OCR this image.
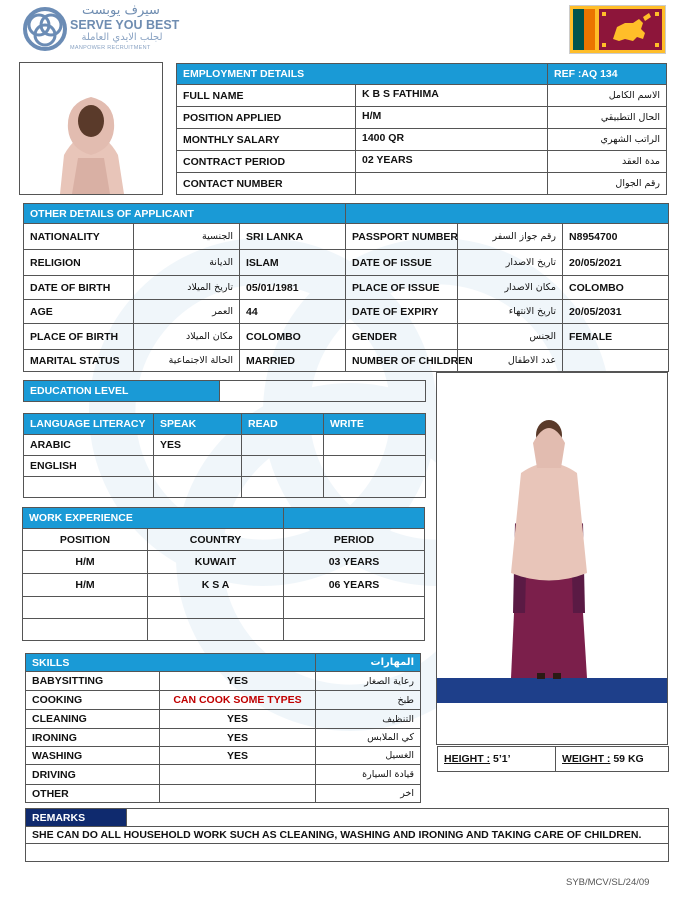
سيرف يوبست
SERVE YOU BEST
لجلب الايدي العاملة
MANPOWER RECRUITMENT
EMPLOYMENT DETAILS		REF :AQ 134
FULL NAME	K B S FATHIMA	الاسم الكامل
POSITION APPLIED	H/M	الحال التطبيقي
MONTHLY SALARY	1400 QR	الراتب الشهري
CONTRACT PERIOD	02 YEARS	مدة العقد
CONTACT NUMBER		رقم الجوال
OTHER DETAILS OF APPLICANT					
NATIONALITY	الجنسية	SRI LANKA	PASSPORT NUMBER	رقم جواز السفر	N8954700
RELIGION	الديانة	ISLAM	DATE OF ISSUE	تاريخ الاصدار	20/05/2021
DATE OF BIRTH	تاريخ الميلاد	05/01/1981	PLACE OF ISSUE	مكان الاصدار	COLOMBO
AGE	العمر	44	DATE OF EXPIRY	تاريخ الانتهاء	20/05/2031
PLACE OF BIRTH	مكان الميلاد	COLOMBO	GENDER	الجنس	FEMALE
MARITAL STATUS	الحالة الاجتماعية	MARRIED	NUMBER OF CHILDREN	عدد الاطفال	
HEIGHT : 5’1’	WEIGHT : 59 KG
EDUCATION LEVEL	
LANGUAGE LITERACY	SPEAK	READ	WRITE
ARABIC	YES		
ENGLISH			

WORK EXPERIENCE		
POSITION	COUNTRY	PERIOD
H/M	KUWAIT	03 YEARS
H/M	K S A	06 YEARS

SKILLS		المهارات
BABYSITTING	YES	رعاية الصغار
COOKING	CAN COOK SOME TYPES	طبخ
CLEANING	YES	التنظيف
IRONING	YES	كي الملابس
WASHING	YES	الغسيل
DRIVING		قيادة السيارة
OTHER		اخر
REMARKS	
SHE CAN DO ALL HOUSEHOLD WORK SUCH AS CLEANING, WASHING AND IRONING AND TAKING CARE OF CHILDREN.

SYB/MCV/SL/24/09
